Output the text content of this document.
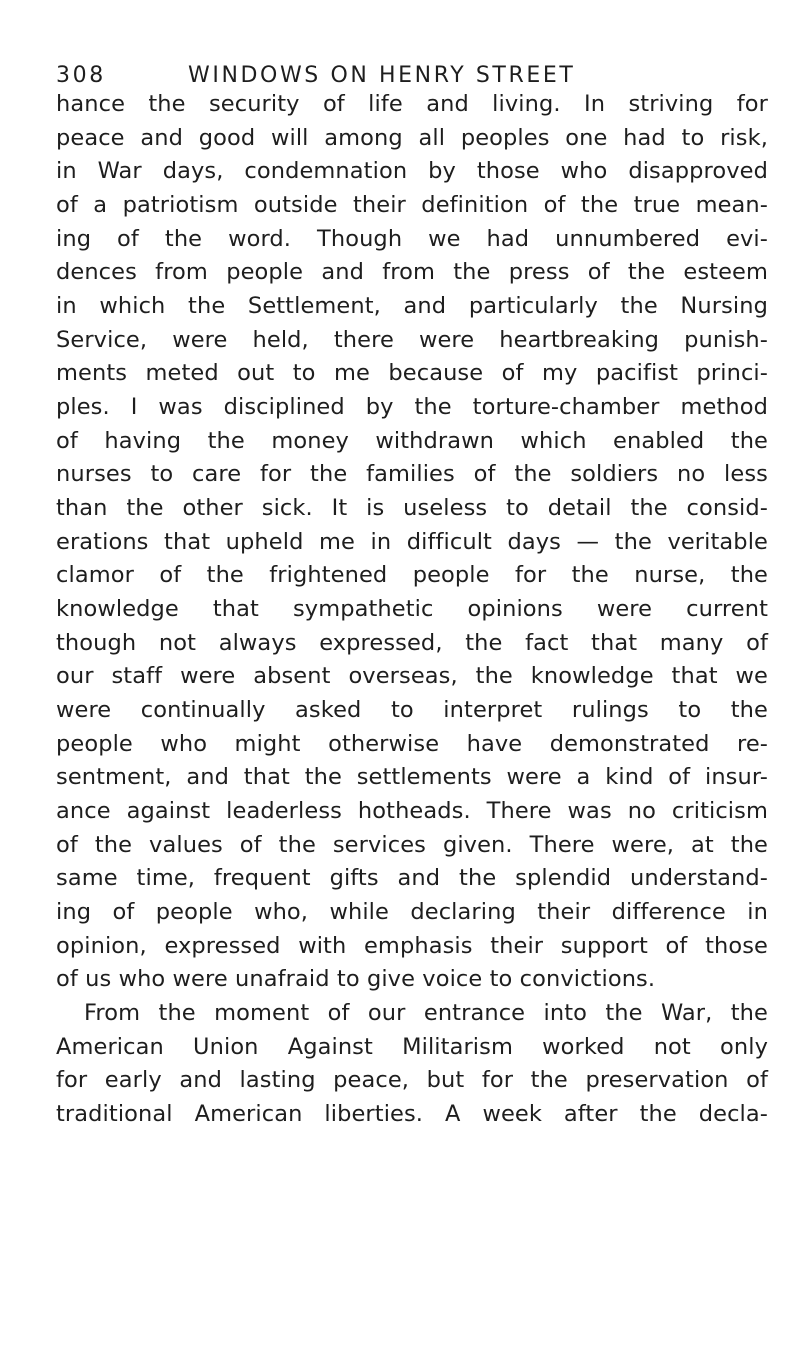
308	WINDOWS ON HENRY STREET
hance the security of life and living. In striving for
peace and good will among all peoples one had to risk,
in War days, condemnation by those who disapproved
of a patriotism outside their definition of the true mean-
ing of the word. Though we had unnumbered evi-
dences from people and from the press of the esteem
in which the Settlement, and particularly the Nursing
Service, were held, there were heartbreaking punish-
ments meted out to me because of my pacifist princi-
ples. I was disciplined by the torture-chamber method
of having the money withdrawn which enabled the
nurses to care for the families of the soldiers no less
than the other sick. It is useless to detail the consid-
erations that upheld me in difficult days — the veritable
clamor of the frightened people for the nurse, the
knowledge that sympathetic opinions were current
though not always expressed, the fact that many of
our staff were absent overseas, the knowledge that we
were continually asked to interpret rulings to the
people who might otherwise have demonstrated re-
sentment, and that the settlements were a kind of insur-
ance against leaderless hotheads. There was no criticism
of the values of the services given. There were, at the
same time, frequent gifts and the splendid understand-
ing of people who, while declaring their difference in
opinion, expressed with emphasis their support of those
of us who were unafraid to give voice to convictions.
From the moment of our entrance into the War, the
American Union Against Militarism worked not only
for early and lasting peace, but for the preservation of
traditional American liberties. A week after the decla-
